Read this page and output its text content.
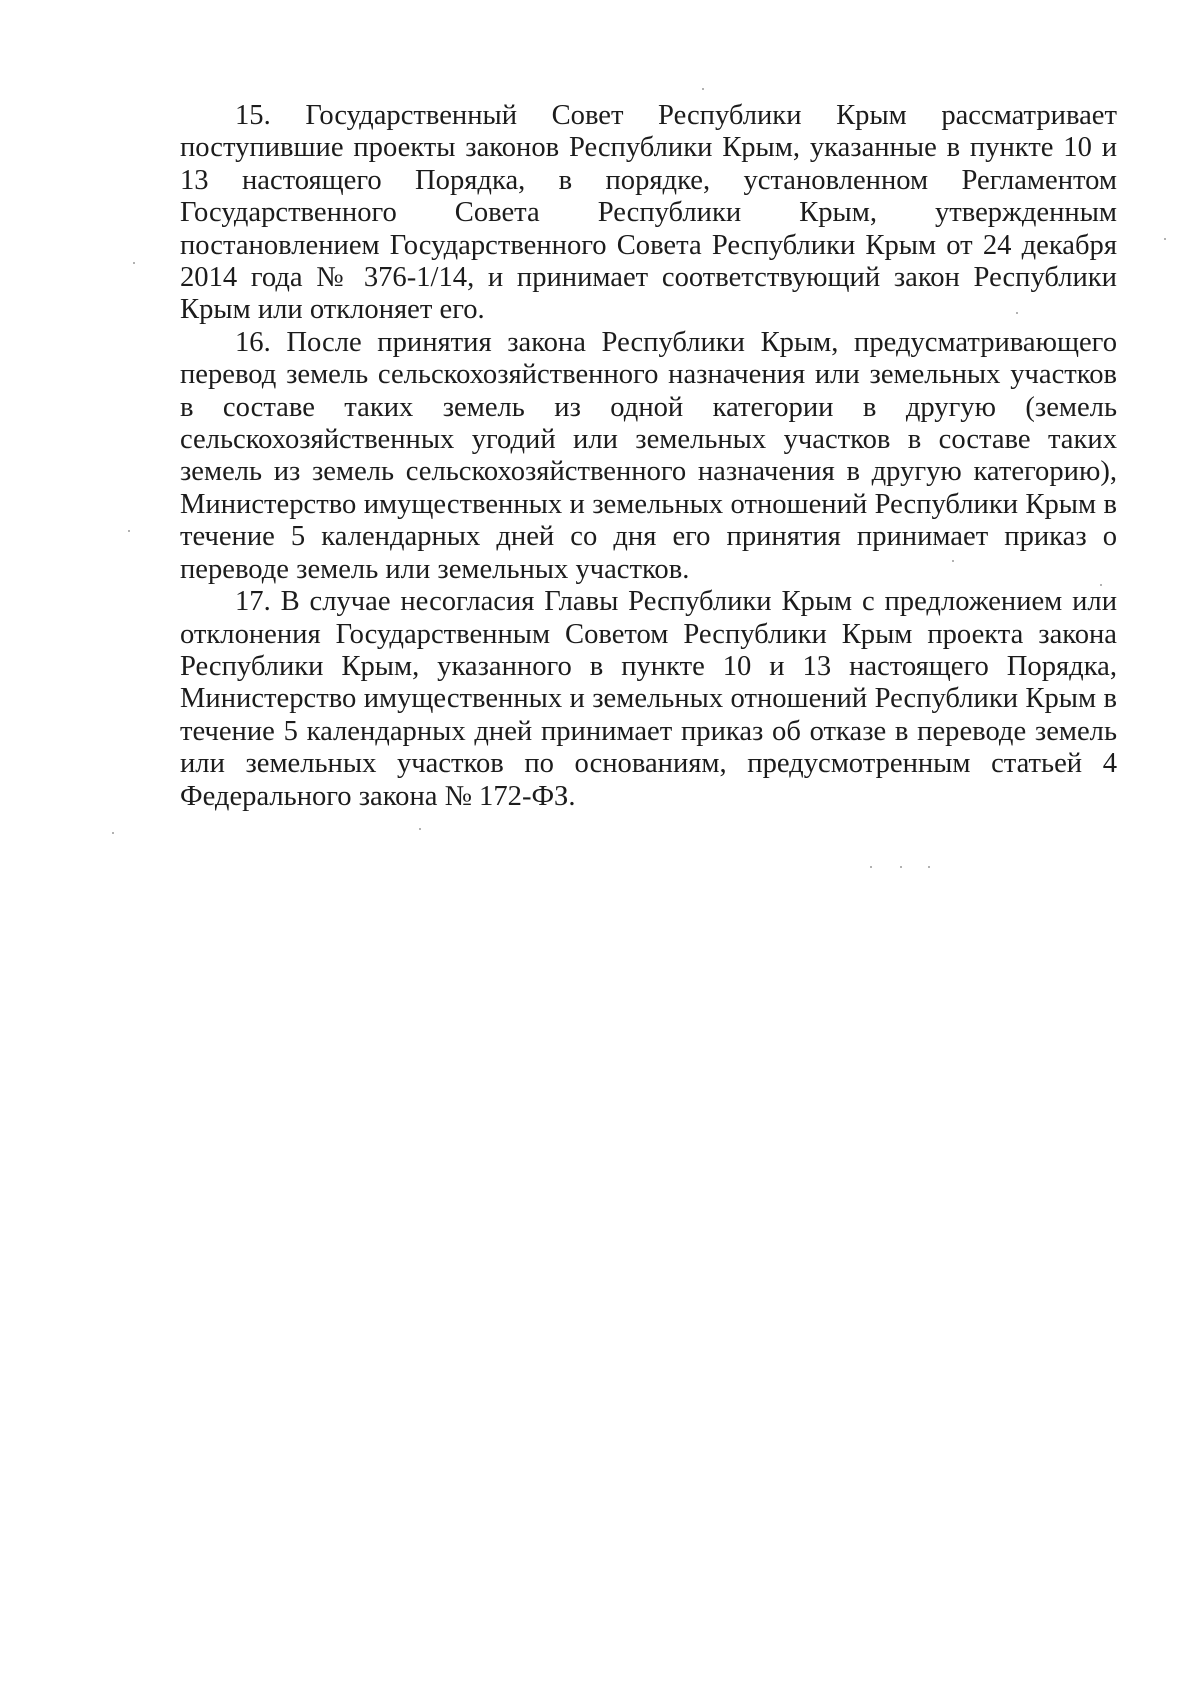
15. Государственный Совет Республики Крым рассматривает поступившие проекты законов Республики Крым, указанные в пункте 10 и 13 настоящего Порядка, в порядке, установленном Регламентом Государственного Совета Республики Крым, утвержденным постановлением Государственного Совета Республики Крым от 24 декабря 2014 года № 376-1/14, и принимает соответствующий закон Республики Крым или отклоняет его.

16. После принятия закона Республики Крым, предусматривающего перевод земель сельскохозяйственного назначения или земельных участков в составе таких земель из одной категории в другую (земель сельскохозяйственных угодий или земельных участков в составе таких земель из земель сельскохозяйственного назначения в другую категорию), Министерство имущественных и земельных отношений Республики Крым в течение 5 календарных дней со дня его принятия принимает приказ о переводе земель или земельных участков.

17. В случае несогласия Главы Республики Крым с предложением или отклонения Государственным Советом Республики Крым проекта закона Республики Крым, указанного в пункте 10 и 13 настоящего Порядка, Министерство имущественных и земельных отношений Республики Крым в течение 5 календарных дней принимает приказ об отказе в переводе земель или земельных участков по основаниям, предусмотренным статьей 4 Федерального закона № 172-ФЗ.
